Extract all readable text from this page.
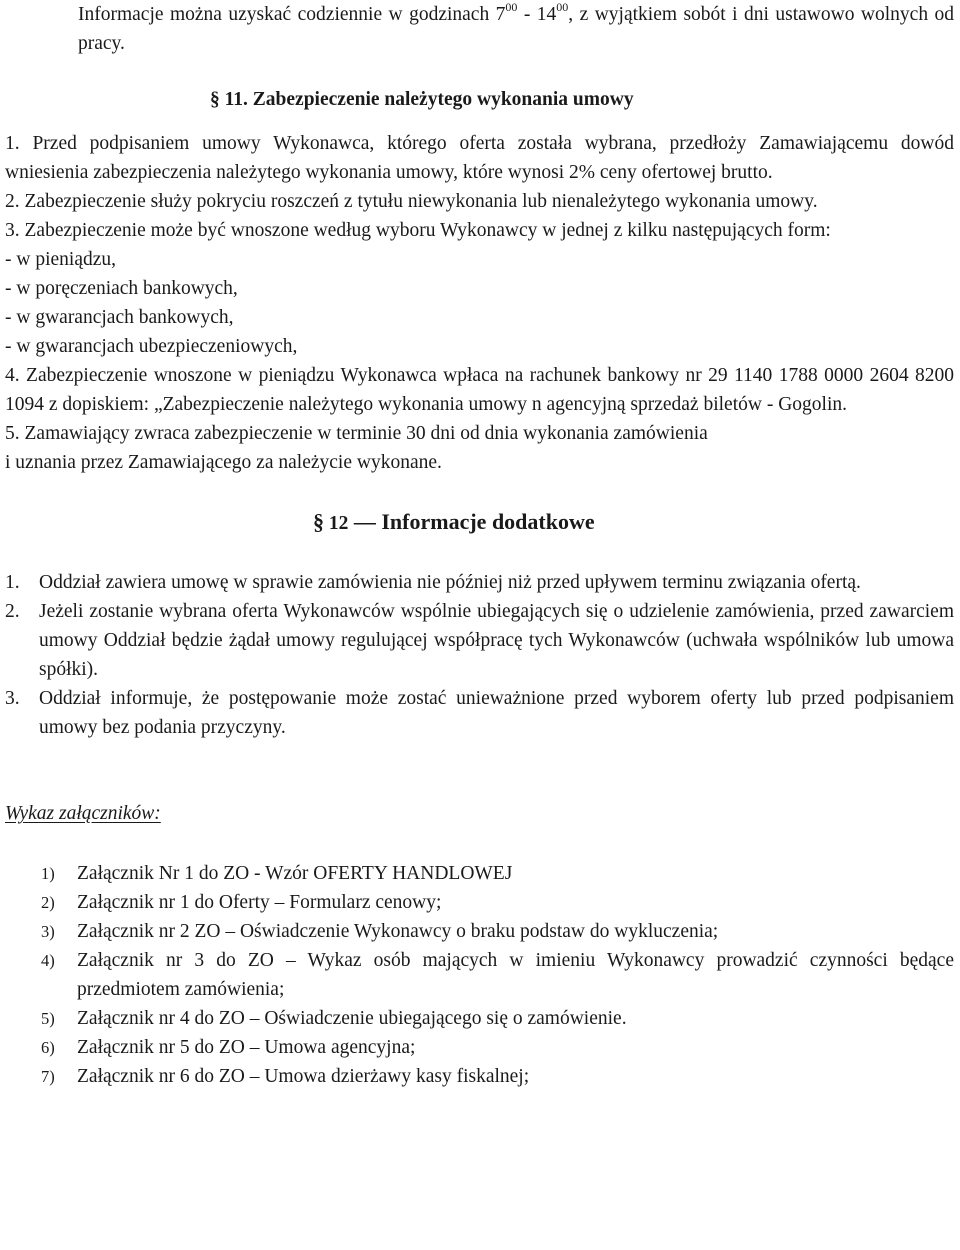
Informacje można uzyskać codziennie w godzinach $7^{00} - 14^{00}$, z wyjątkiem sobót i dni ustawowo wolnych od pracy.

§ 11. Zabezpieczenie należytego wykonania umowy

1. Przed podpisaniem umowy Wykonawca, którego oferta została wybrana, przedłoży Zamawiającemu dowód wniesienia zabezpieczenia należytego wykonania umowy, które wynosi 2% ceny ofertowej brutto.

2. Zabezpieczenie służy pokryciu roszczeń z tytułu niewykonania lub nienależytego wykonania umowy.

3. Zabezpieczenie może być wnoszone według wyboru Wykonawcy w jednej z kilku następujących form:

- w pieniądzu,

- w poręczeniach bankowych,

- w gwarancjach bankowych,

- w gwarancjach ubezpieczeniowych,

4. Zabezpieczenie wnoszone w pieniądzu Wykonawca wpłaca na rachunek bankowy nr 29 1140 1788 0000 2604 8200 1094 z dopiskiem: „Zabezpieczenie należytego wykonania umowy n agencyjną sprzedaż biletów - Gogolin.

5. Zamawiający zwraca zabezpieczenie w terminie 30 dni od dnia wykonania zamówienia

i uznania przez Zamawiającego za należycie wykonane.

§ 12 — Informacje dodatkowe

1. Oddział zawiera umowę w sprawie zamówienia nie później niż przed upływem terminu związania ofertą.
2. Jeżeli zostanie wybrana oferta Wykonawców wspólnie ubiegających się o udzielenie zamówienia, przed zawarciem umowy Oddział będzie żądał umowy regulującej współpracę tych Wykonawców (uchwała wspólników lub umowa spółki).
3. Oddział informuje, że postępowanie może zostać unieważnione przed wyborem oferty lub przed podpisaniem umowy bez podania przyczyny.

Wykaz załączników:

1)	Załącznik Nr 1 do ZO - Wzór OFERTY HANDLOWEJ
2)	Załącznik nr 1 do Oferty – Formularz cenowy;
3)	Załącznik nr 2 ZO – Oświadczenie Wykonawcy o braku podstaw do wykluczenia;
4)	Załącznik nr 3 do ZO – Wykaz osób mających w imieniu Wykonawcy prowadzić czynności będące przedmiotem zamówienia;
5)	Załącznik nr 4 do ZO – Oświadczenie ubiegającego się o zamówienie.
6)	Załącznik nr 5 do ZO – Umowa agencyjna;
7)	Załącznik nr 6 do ZO – Umowa dzierżawy kasy fiskalnej;
